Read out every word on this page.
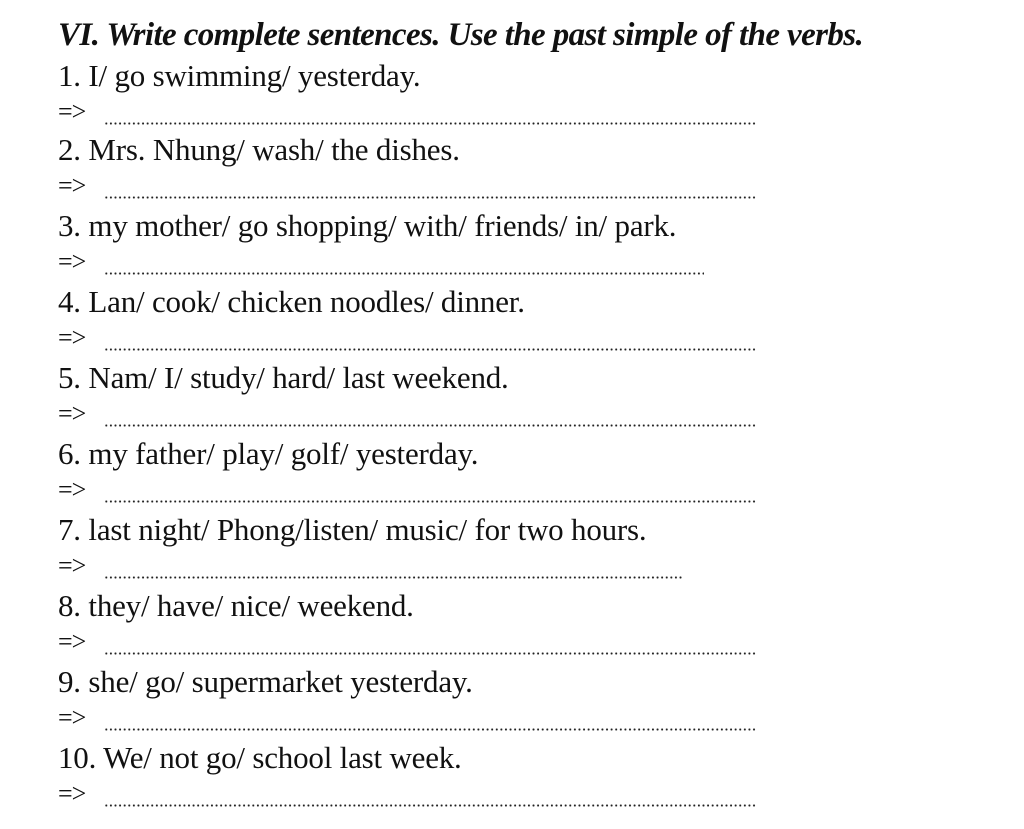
VI. Write complete sentences. Use the past simple of the verbs.
1. I/ go swimming/ yesterday.
=>
2. Mrs. Nhung/ wash/ the dishes.
=>
3. my mother/ go shopping/ with/ friends/ in/ park.
=>
4. Lan/ cook/ chicken noodles/ dinner.
=>
5. Nam/ I/ study/ hard/ last weekend.
=>
6. my father/ play/ golf/ yesterday.
=>
7. last night/ Phong/listen/ music/ for two hours.
=>
8. they/ have/ nice/ weekend.
=>
9. she/ go/ supermarket yesterday.
=>
10. We/ not go/ school last week.
=>
